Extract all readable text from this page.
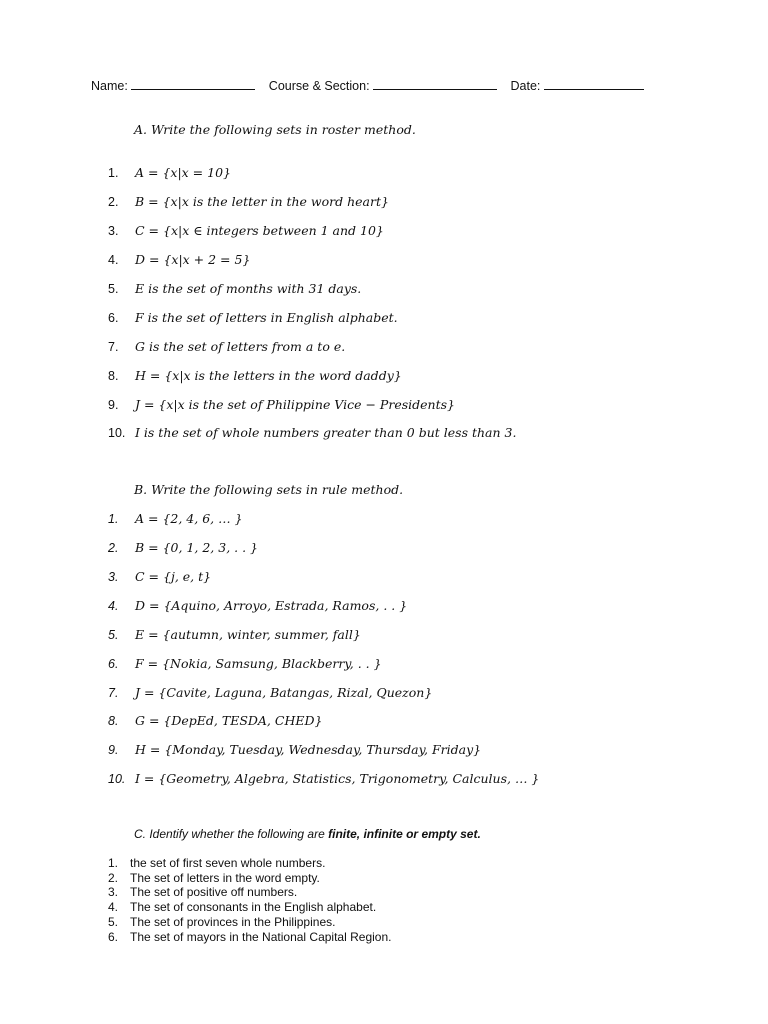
Name:	Course & Section:	Date:
A. Write the following sets in roster method.
1. A = {x|x = 10}
2. B = {x|x is the letter in the word heart}
3. C = {x|x ∈ integers between 1 and 10}
4. D = {x|x + 2 = 5}
5. E is the set of months with 31 days.
6. F is the set of letters in English alphabet.
7. G is the set of letters from a to e.
8. H = {x|x is the letters in the word daddy}
9. J = {x|x is the set of Philippine Vice − Presidents}
10. I is the set of whole numbers greater than 0 but less than 3.
B. Write the following sets in rule method.
1. A = {2, 4, 6, … }
2. B = {0, 1, 2, 3, . . }
3. C = {j, e, t}
4. D = {Aquino, Arroyo, Estrada, Ramos, . . }
5. E = {autumn, winter, summer, fall}
6. F = {Nokia, Samsung, Blackberry, . . }
7. J = {Cavite, Laguna, Batangas, Rizal, Quezon}
8. G = {DepEd, TESDA, CHED}
9. H = {Monday, Tuesday, Wednesday, Thursday, Friday}
10. I = {Geometry, Algebra, Statistics, Trigonometry, Calculus, … }
C. Identify whether the following are finite, infinite or empty set.
1. the set of first seven whole numbers.
2. The set of letters in the word empty.
3. The set of positive off numbers.
4. The set of consonants in the English alphabet.
5. The set of provinces in the Philippines.
6. The set of mayors in the National Capital Region.
